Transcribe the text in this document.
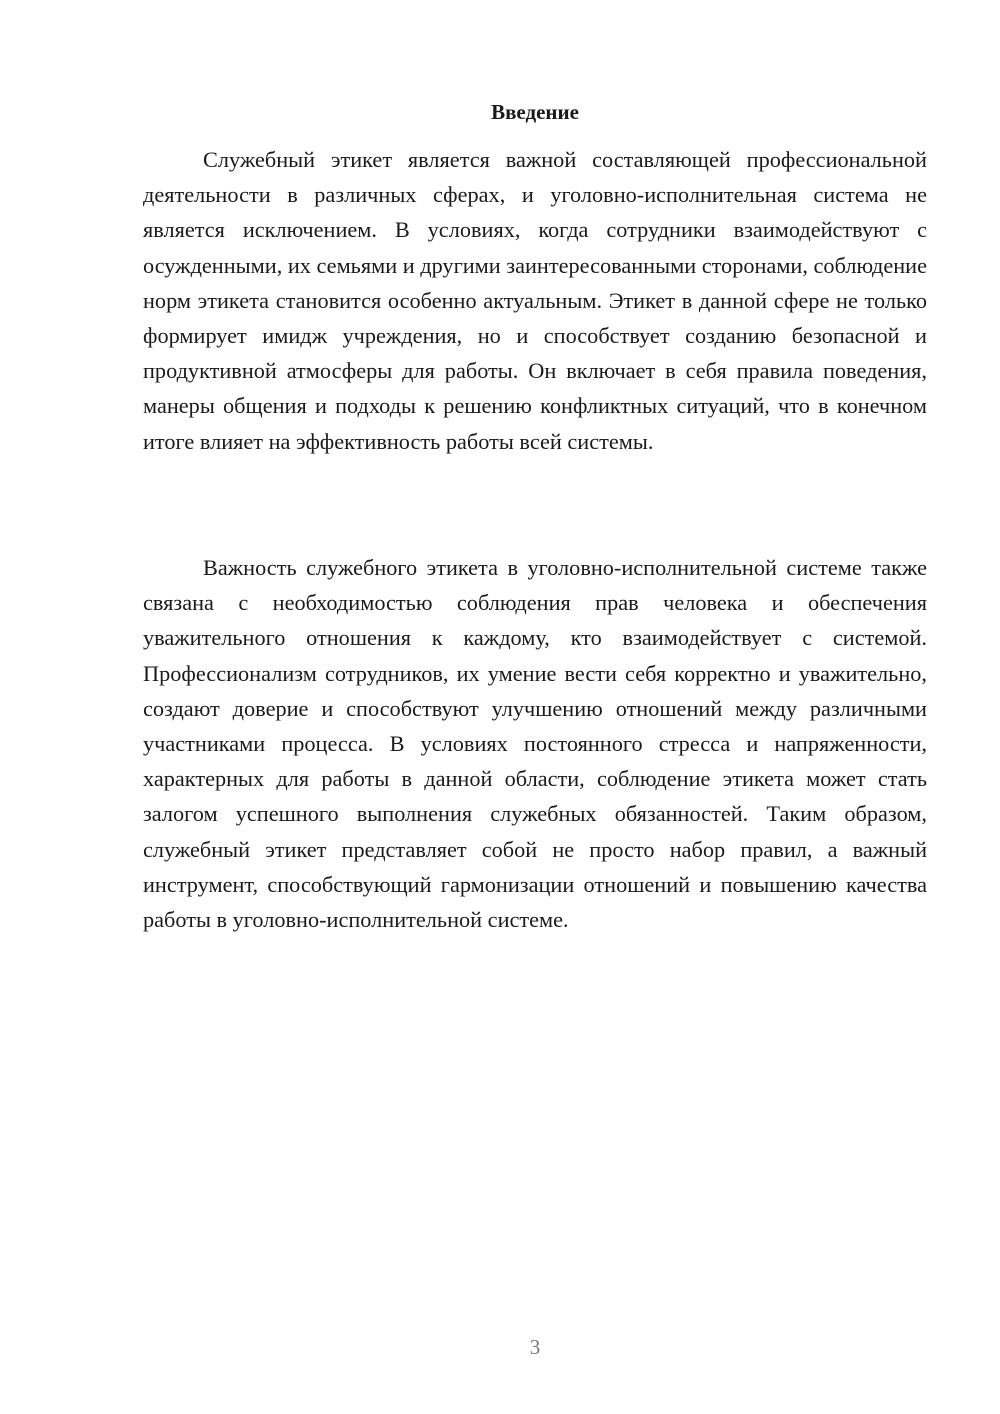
Введение

Служебный этикет является важной составляющей профессиональной деятельности в различных сферах, и уголовно-исполнительная система не является исключением. В условиях, когда сотрудники взаимодействуют с осужденными, их семьями и другими заинтересованными сторонами, соблюдение норм этикета становится особенно актуальным. Этикет в данной сфере не только формирует имидж учреждения, но и способствует созданию безопасной и продуктивной атмосферы для работы. Он включает в себя правила поведения, манеры общения и подходы к решению конфликтных ситуаций, что в конечном итоге влияет на эффективность работы всей системы.

Важность служебного этикета в уголовно-исполнительной системе также связана с необходимостью соблюдения прав человека и обеспечения уважительного отношения к каждому, кто взаимодействует с системой. Профессионализм сотрудников, их умение вести себя корректно и уважительно, создают доверие и способствуют улучшению отношений между различными участниками процесса. В условиях постоянного стресса и напряженности, характерных для работы в данной области, соблюдение этикета может стать залогом успешного выполнения служебных обязанностей. Таким образом, служебный этикет представляет собой не просто набор правил, а важный инструмент, способствующий гармонизации отношений и повышению качества работы в уголовно-исполнительной системе.

3
